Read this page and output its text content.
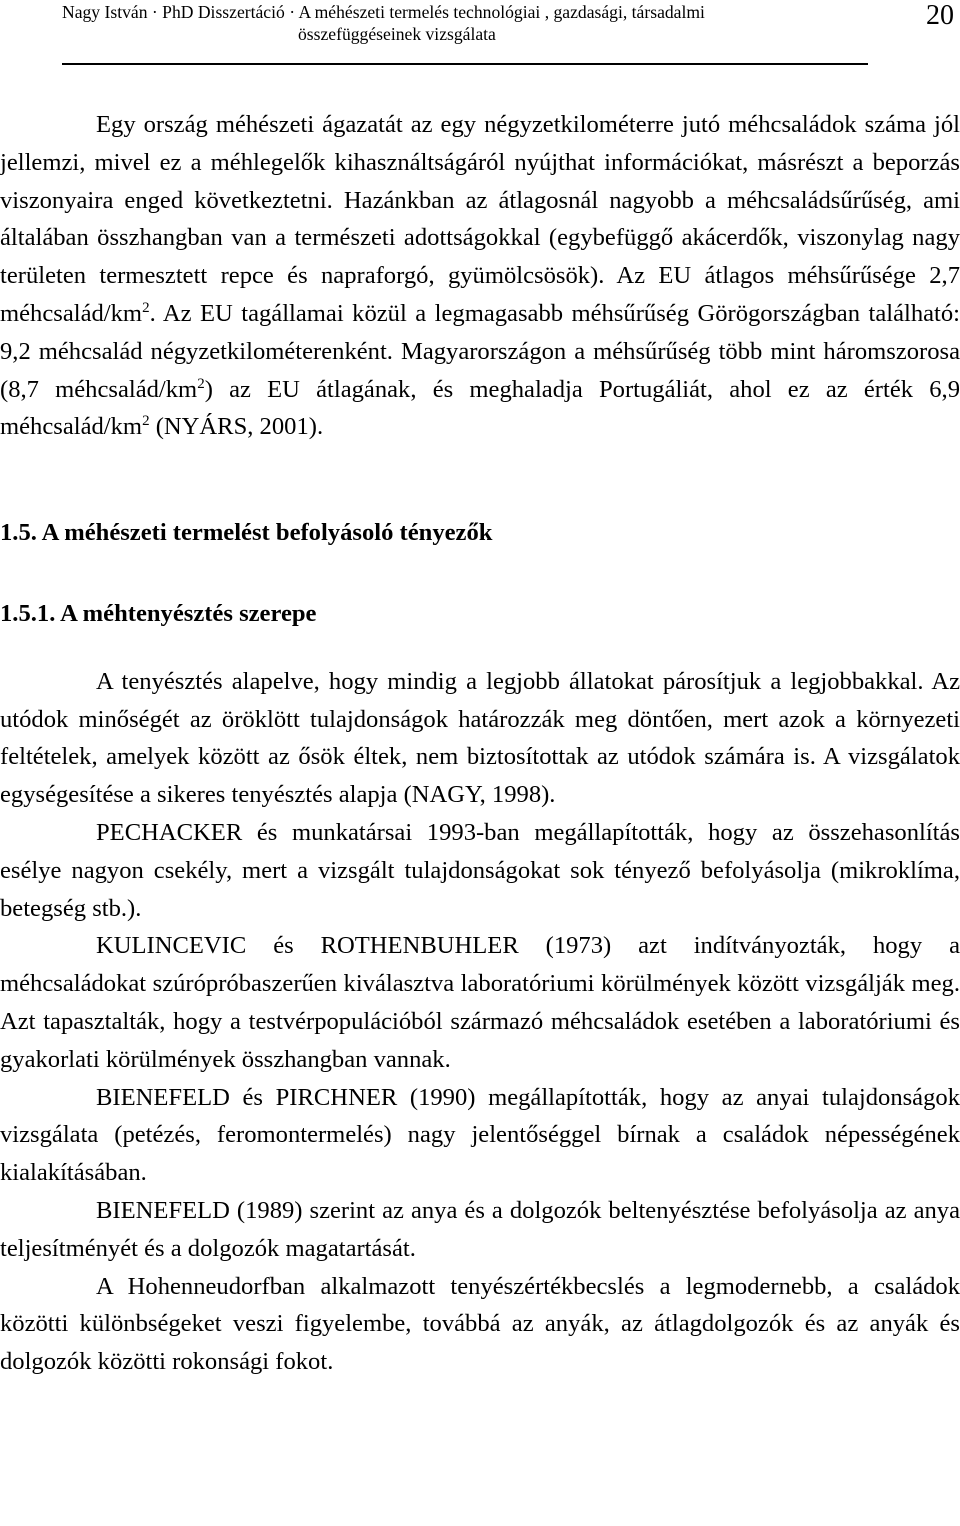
Nagy István · PhD Disszertáció · A méhészeti termelés technológiai , gazdasági, társadalmi
összefüggéseinek vizsgálata
20

Egy ország méhészeti ágazatát az egy négyzetkilométerre jutó méhcsaládok száma jól jellemzi, mivel ez a méhlegelők kihasználtságáról nyújthat információkat, másrészt a beporzás viszonyaira enged következtetni. Hazánkban az átlagosnál nagyobb a méhcsaládsűrűség, ami általában összhangban van a természeti adottságokkal (egybefüggő akácerdők, viszonylag nagy területen termesztett repce és napraforgó, gyümölcsösök). Az EU átlagos méhsűrűsége 2,7 méhcsalád/$km^2$. Az EU tagállamai közül a legmagasabb méhsűrűség Görögországban található: 9,2 méhcsalád négyzetkilométerenként. Magyarországon a méhsűrűség több mint háromszorosa (8,7 méhcsalád/$km^2$) az EU átlagának, és meghaladja Portugáliát, ahol ez az érték 6,9 méhcsalád/$km^2$ (NYÁRS, 2001).

1.5. A méhészeti termelést befolyásoló tényezők

1.5.1. A méhtenyésztés szerepe

A tenyésztés alapelve, hogy mindig a legjobb állatokat párosítjuk a legjobbakkal. Az utódok minőségét az öröklött tulajdonságok határozzák meg döntően, mert azok a környezeti feltételek, amelyek között az ősök éltek, nem biztosítottak az utódok számára is. A vizsgálatok egységesítése a sikeres tenyésztés alapja (NAGY, 1998).

PECHACKER és munkatársai 1993-ban megállapították, hogy az összehasonlítás esélye nagyon csekély, mert a vizsgált tulajdonságokat sok tényező befolyásolja (mikroklíma, betegség stb.).

KULINCEVIC és ROTHENBUHLER (1973) azt indítványozták, hogy a méhcsaládokat szúrópróbaszerűen kiválasztva laboratóriumi körülmények között vizsgálják meg. Azt tapasztalták, hogy a testvérpopulációból származó méhcsaládok esetében a laboratóriumi és gyakorlati körülmények összhangban vannak.

BIENEFELD és PIRCHNER (1990) megállapították, hogy az anyai tulajdonságok vizsgálata (petézés, feromontermelés) nagy jelentőséggel bírnak a családok népességének kialakításában.

BIENEFELD (1989) szerint az anya és a dolgozók beltenyésztése befolyásolja az anya teljesítményét és a dolgozók magatartását.

A Hohenneudorfban alkalmazott tenyészértékbecslés a legmodernebb, a családok közötti különbségeket veszi figyelembe, továbbá az anyák, az átlagdolgozók és az anyák és dolgozók közötti rokonsági fokot.
